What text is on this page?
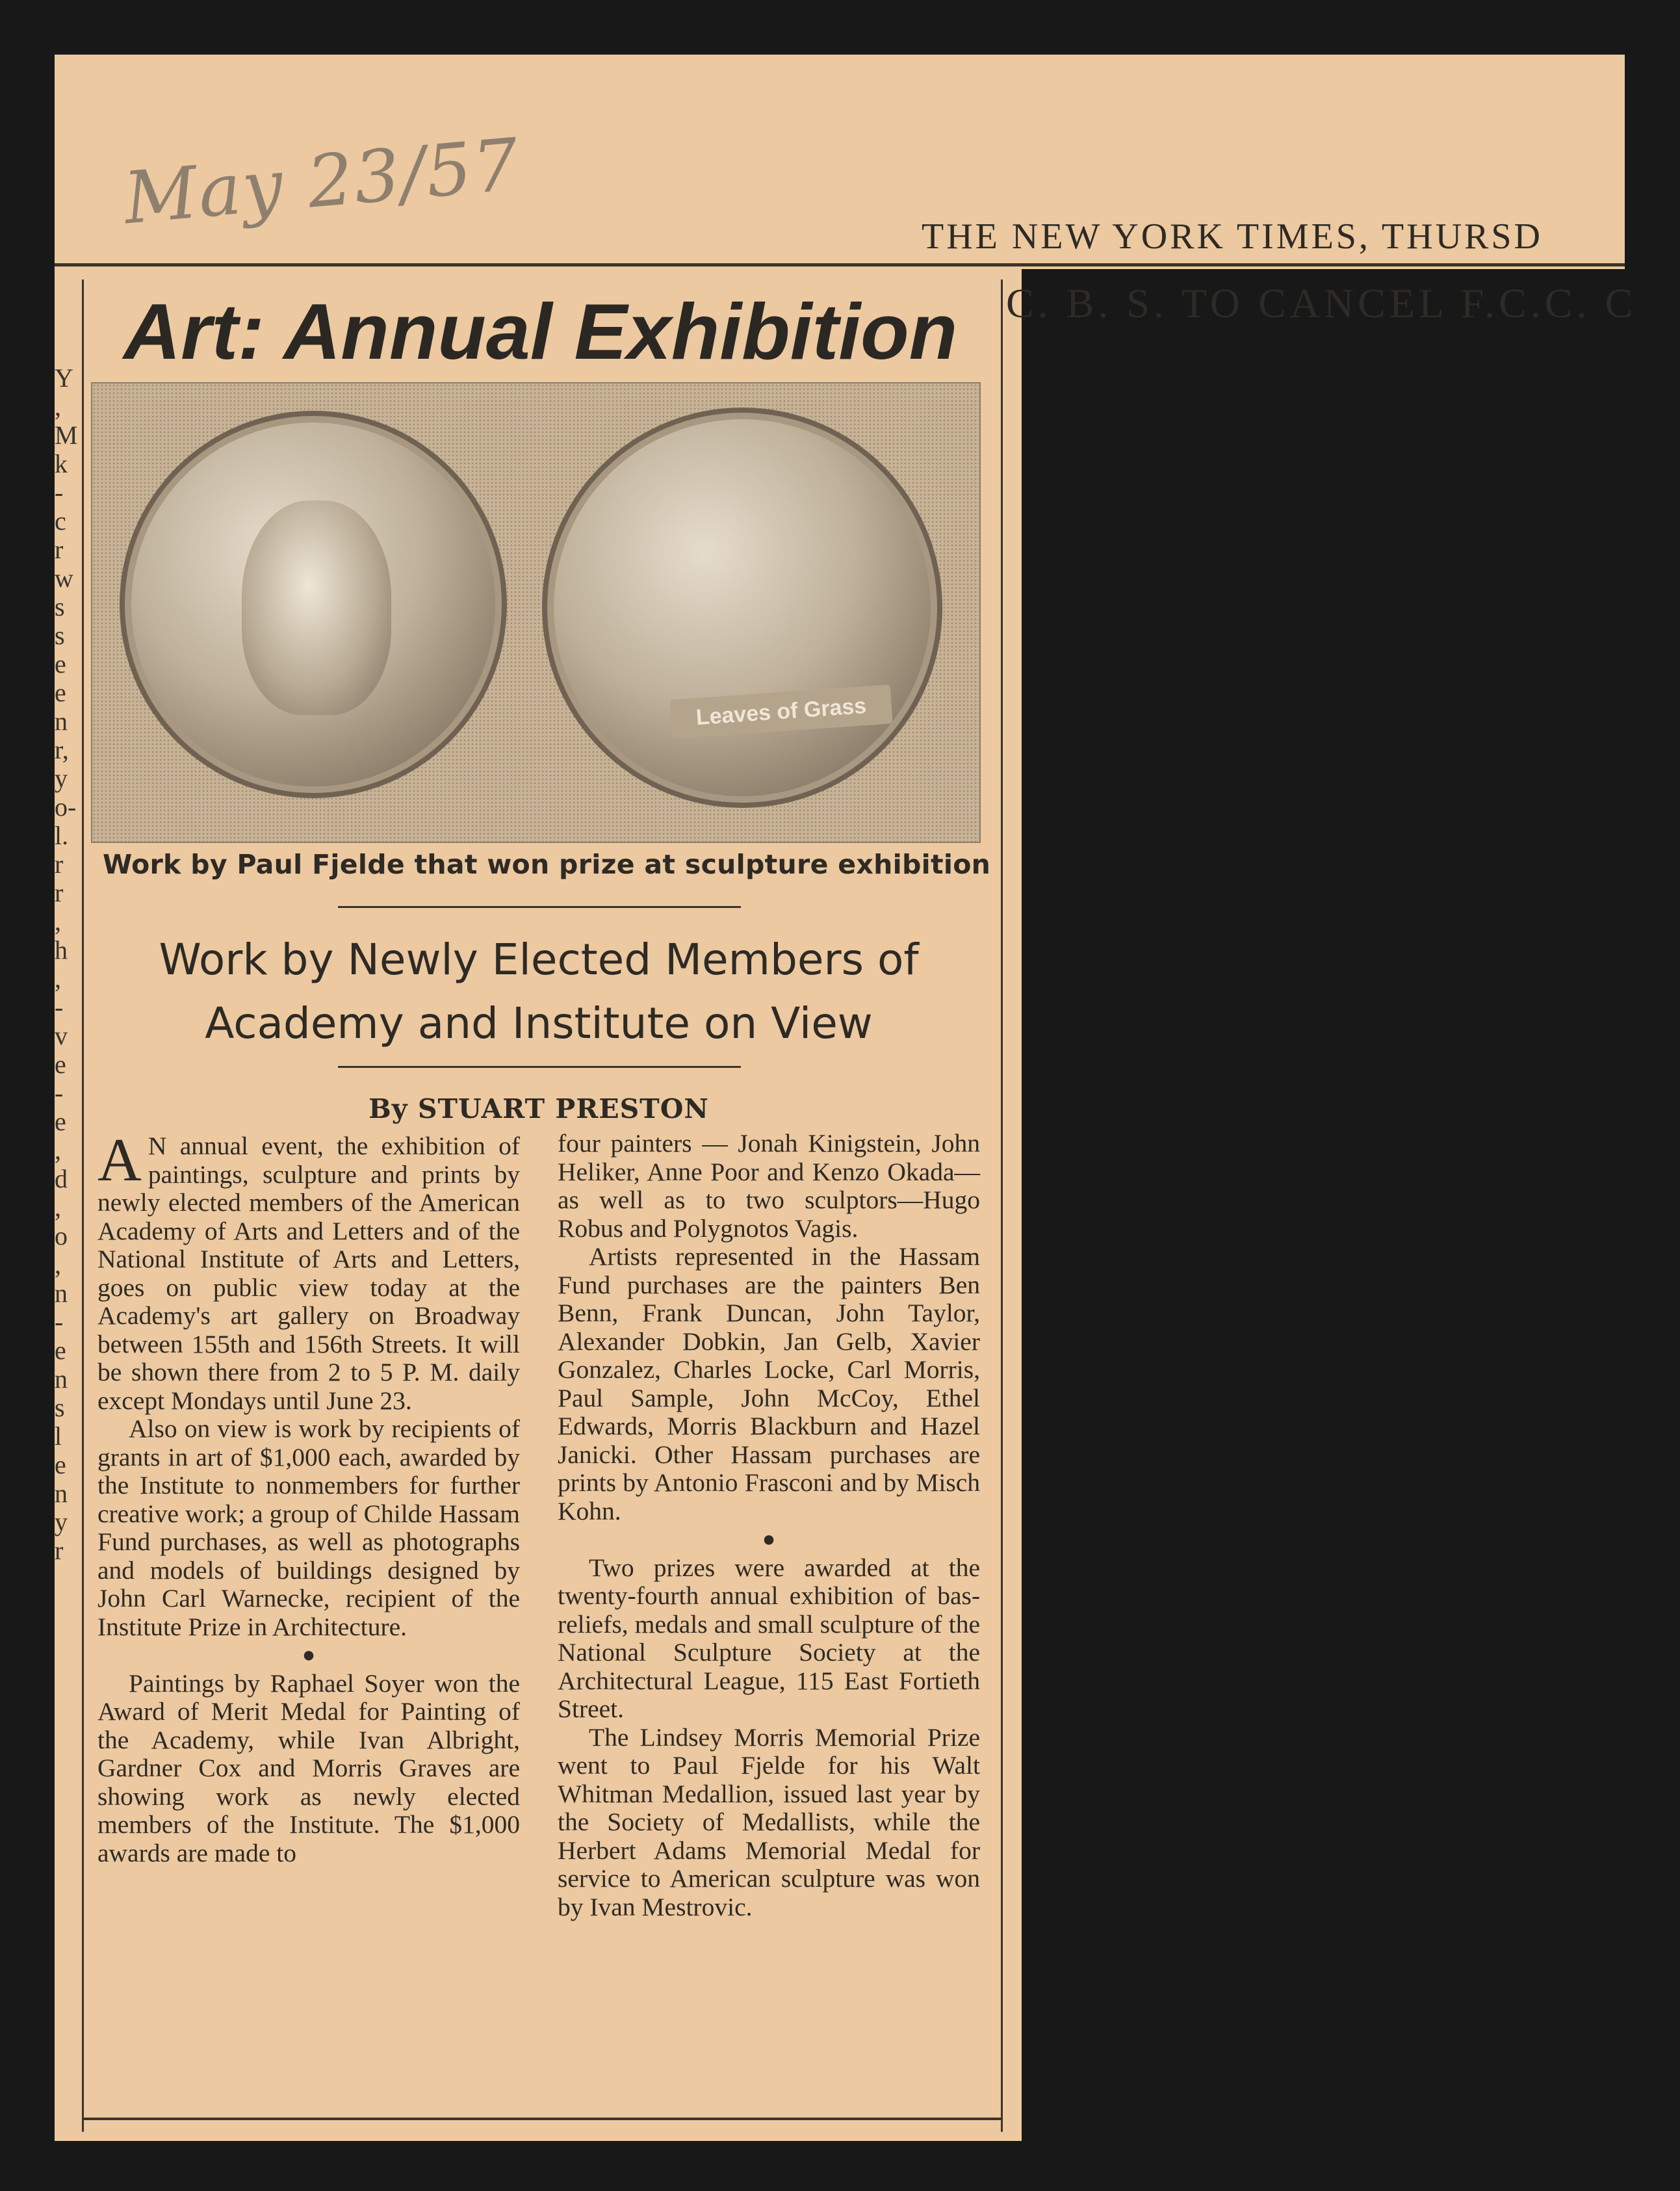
May 23/57	THE NEW YORK TIMES, THURSD
C. B. S. TO CANCEL F.C.C. C
Y
,
M
k
-
c
r
w
s
s
e
e
n
r,
y
o-
l.
r
r
,
h
,
-
v
e
-
e
,
d
,
o
,
n
-
e
n
s
l
e
n
y
r
Art: Annual Exhibition
Leaves of Grass
Work by Paul Fjelde that won prize at sculpture exhibition
Work by Newly Elected Members of
Academy and Institute on View
By STUART PRESTON

A N annual event, the exhibition of paintings, sculpture and prints by newly elected members of the American Academy of Arts and Letters and of the National Institute of Arts and Letters, goes on public view today at the Academy's art gallery on Broadway between 155th and 156th Streets. It will be shown there from 2 to 5 P. M. daily except Mondays until June 23.

Also on view is work by recipients of grants in art of $1,000 each, awarded by the Institute to nonmembers for further creative work; a group of Childe Hassam Fund purchases, as well as photographs and models of buildings designed by John Carl Warnecke, recipient of the Institute Prize in Architecture.

●

Paintings by Raphael Soyer won the Award of Merit Medal for Painting of the Academy, while Ivan Albright, Gardner Cox and Morris Graves are showing work as newly elected members of the Institute. The $1,000 awards are made to

four painters — Jonah Kinigstein, John Heliker, Anne Poor and Kenzo Okada—as well as to two sculptors—Hugo Robus and Polygnotos Vagis.

Artists represented in the Hassam Fund purchases are the painters Ben Benn, Frank Duncan, John Taylor, Alexander Dobkin, Jan Gelb, Xavier Gonzalez, Charles Locke, Carl Morris, Paul Sample, John McCoy, Ethel Edwards, Morris Blackburn and Hazel Janicki. Other Hassam purchases are prints by Antonio Frasconi and by Misch Kohn.

●

Two prizes were awarded at the twenty-fourth annual exhibition of bas-reliefs, medals and small sculpture of the National Sculpture Society at the Architectural League, 115 East Fortieth Street.

The Lindsey Morris Memorial Prize went to Paul Fjelde for his Walt Whitman Medallion, issued last year by the Society of Medallists, while the Herbert Adams Memorial Medal for service to American sculpture was won by Ivan Mestrovic.
